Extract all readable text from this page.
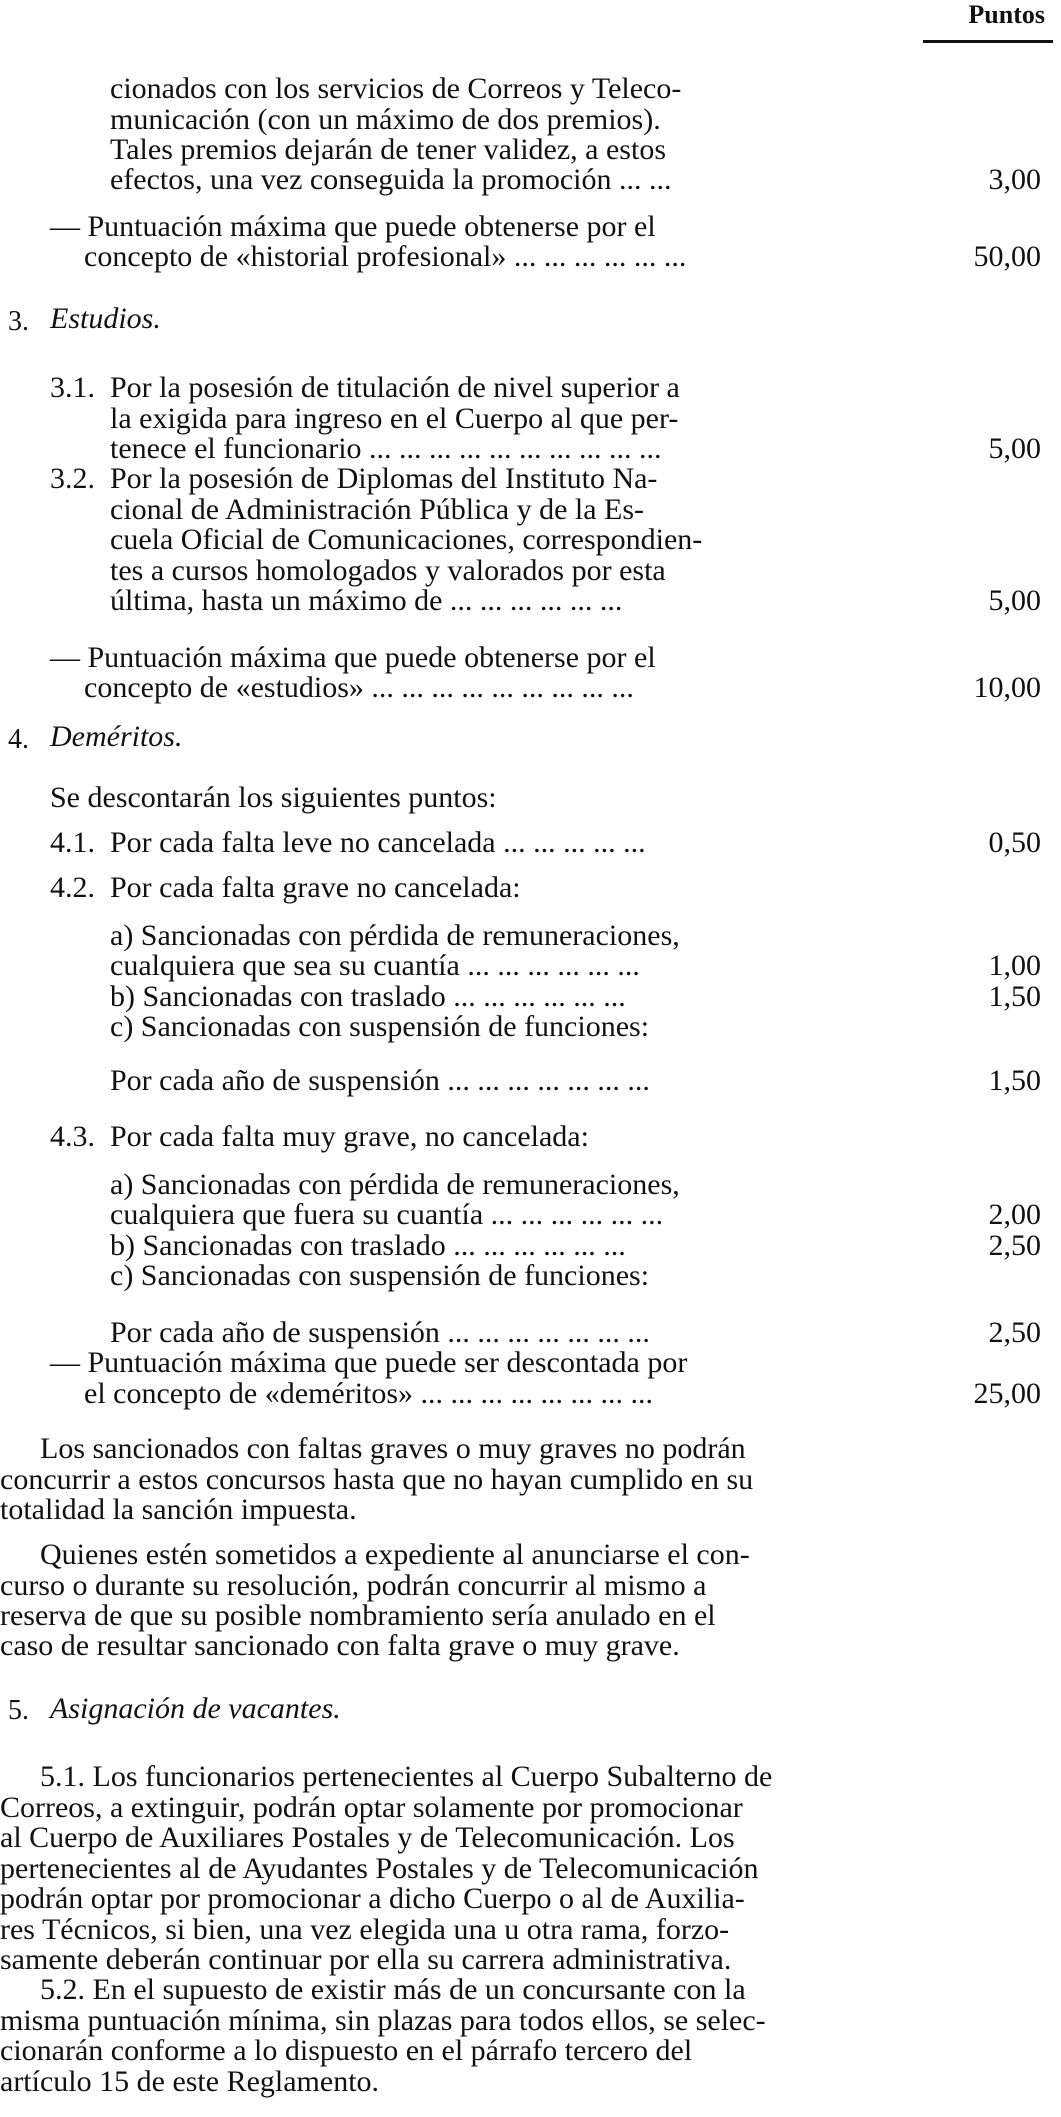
Puntos
cionados con los servicios de Correos y Teleco-
municación (con un máximo de dos premios).
Tales premios dejarán de tener validez, a estos
efectos, una vez conseguida la promoción ... ...	3,00
— Puntuación máxima que puede obtenerse por el
concepto de «historial profesional» ... ... ... ... ... ...	50,00
3. Estudios.
3.1. Por la posesión de titulación de nivel superior a
la exigida para ingreso en el Cuerpo al que per-
tenece el funcionario ... ... ... ... ... ... ... ... ... ...	5,00
3.2. Por la posesión de Diplomas del Instituto Na-
cional de Administración Pública y de la Es-
cuela Oficial de Comunicaciones, correspondien-
tes a cursos homologados y valorados por esta
última, hasta un máximo de ... ... ... ... ... ...	5,00
— Puntuación máxima que puede obtenerse por el
concepto de «estudios» ... ... ... ... ... ... ... ... ...	10,00
4. Deméritos.
Se descontarán los siguientes puntos:
4.1. Por cada falta leve no cancelada ... ... ... ... ...	0,50
4.2. Por cada falta grave no cancelada:
a) Sancionadas con pérdida de remuneraciones,
cualquiera que sea su cuantía ... ... ... ... ... ...	1,00
b) Sancionadas con traslado ... ... ... ... ... ...	1,50
c) Sancionadas con suspensión de funciones:
Por cada año de suspensión ... ... ... ... ... ... ...	1,50
4.3. Por cada falta muy grave, no cancelada:
a) Sancionadas con pérdida de remuneraciones,
cualquiera que fuera su cuantía ... ... ... ... ... ...	2,00
b) Sancionadas con traslado ... ... ... ... ... ...	2,50
c) Sancionadas con suspensión de funciones:
Por cada año de suspensión ... ... ... ... ... ... ...	2,50
— Puntuación máxima que puede ser descontada por
el concepto de «deméritos» ... ... ... ... ... ... ... ...	25,00
Los sancionados con faltas graves o muy graves no podrán
concurrir a estos concursos hasta que no hayan cumplido en su
totalidad la sanción impuesta.
Quienes estén sometidos a expediente al anunciarse el con-
curso o durante su resolución, podrán concurrir al mismo a
reserva de que su posible nombramiento sería anulado en el
caso de resultar sancionado con falta grave o muy grave.
5. Asignación de vacantes.
5.1. Los funcionarios pertenecientes al Cuerpo Subalterno de
Correos, a extinguir, podrán optar solamente por promocionar
al Cuerpo de Auxiliares Postales y de Telecomunicación. Los
pertenecientes al de Ayudantes Postales y de Telecomunicación
podrán optar por promocionar a dicho Cuerpo o al de Auxilia-
res Técnicos, si bien, una vez elegida una u otra rama, forzo-
samente deberán continuar por ella su carrera administrativa.
5.2. En el supuesto de existir más de un concursante con la
misma puntuación mínima, sin plazas para todos ellos, se selec-
cionarán conforme a lo dispuesto en el párrafo tercero del
artículo 15 de este Reglamento.
